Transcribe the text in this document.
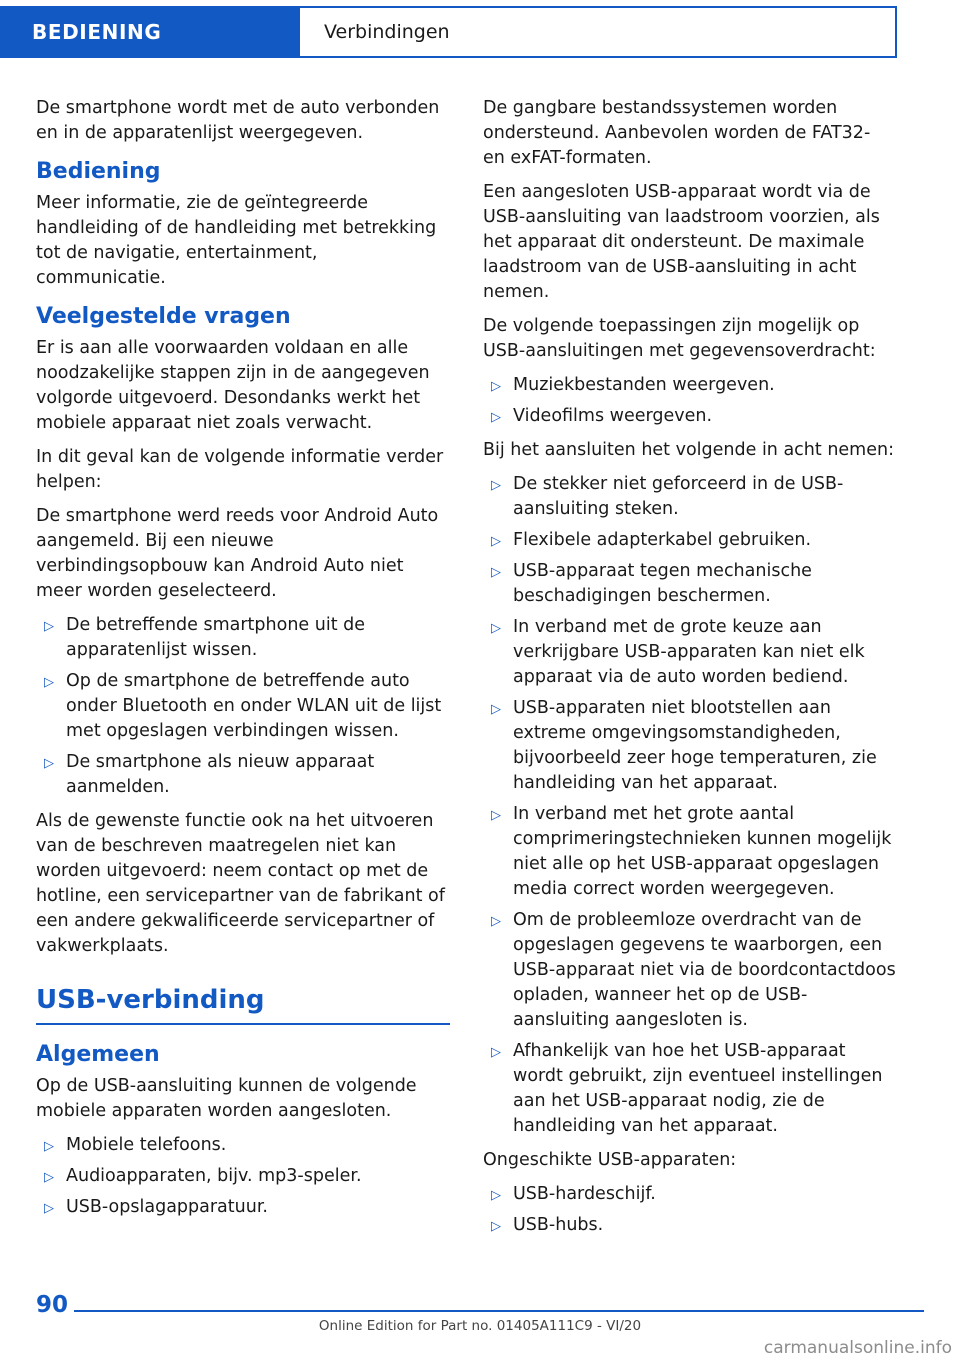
BEDIENING	Verbindingen

De smartphone wordt met de auto verbonden en in de apparatenlijst weergegeven.

Bediening

Meer informatie, zie de geïntegreerde handleiding of de handleiding met betrekking tot de navigatie, entertainment, communicatie.

Veelgestelde vragen

Er is aan alle voorwaarden voldaan en alle noodzakelijke stappen zijn in de aangegeven volgorde uitgevoerd. Desondanks werkt het mobiele apparaat niet zoals verwacht.

In dit geval kan de volgende informatie verder helpen:

De smartphone werd reeds voor Android Auto aangemeld. Bij een nieuwe verbindingsopbouw kan Android Auto niet meer worden geselecteerd.

▷ De betreffende smartphone uit de apparatenlijst wissen.
▷ Op de smartphone de betreffende auto onder Bluetooth en onder WLAN uit de lijst met opgeslagen verbindingen wissen.
▷ De smartphone als nieuw apparaat aanmelden.

Als de gewenste functie ook na het uitvoeren van de beschreven maatregelen niet kan worden uitgevoerd: neem contact op met de hotline, een servicepartner van de fabrikant of een andere gekwalificeerde servicepartner of vakwerkplaats.

USB-verbinding
Algemeen

Op de USB-aansluiting kunnen de volgende mobiele apparaten worden aangesloten.

▷ Mobiele telefoons.
▷ Audioapparaten, bijv. mp3-speler.
▷ USB-opslagapparatuur.

De gangbare bestandssystemen worden ondersteund. Aanbevolen worden de FAT32- en exFAT-formaten.

Een aangesloten USB-apparaat wordt via de USB-aansluiting van laadstroom voorzien, als het apparaat dit ondersteunt. De maximale laadstroom van de USB-aansluiting in acht nemen.

De volgende toepassingen zijn mogelijk op USB-aansluitingen met gegevensoverdracht:

▷ Muziekbestanden weergeven.
▷ Videofilms weergeven.

Bij het aansluiten het volgende in acht nemen:

▷ De stekker niet geforceerd in de USB-aansluiting steken.
▷ Flexibele adapterkabel gebruiken.
▷ USB-apparaat tegen mechanische beschadigingen beschermen.
▷ In verband met de grote keuze aan verkrijgbare USB-apparaten kan niet elk apparaat via de auto worden bediend.
▷ USB-apparaten niet blootstellen aan extreme omgevingsomstandigheden, bijvoorbeeld zeer hoge temperaturen, zie handleiding van het apparaat.
▷ In verband met het grote aantal comprimeringstechnieken kunnen mogelijk niet alle op het USB-apparaat opgeslagen media correct worden weergegeven.
▷ Om de probleemloze overdracht van de opgeslagen gegevens te waarborgen, een USB-apparaat niet via de boordcontactdoos opladen, wanneer het op de USB-aansluiting aangesloten is.
▷ Afhankelijk van hoe het USB-apparaat wordt gebruikt, zijn eventueel instellingen aan het USB-apparaat nodig, zie de handleiding van het apparaat.

Ongeschikte USB-apparaten:

▷ USB-hardeschijf.
▷ USB-hubs.
90
Online Edition for Part no. 01405A111C9 - VI/20
carmanualsonline.info
